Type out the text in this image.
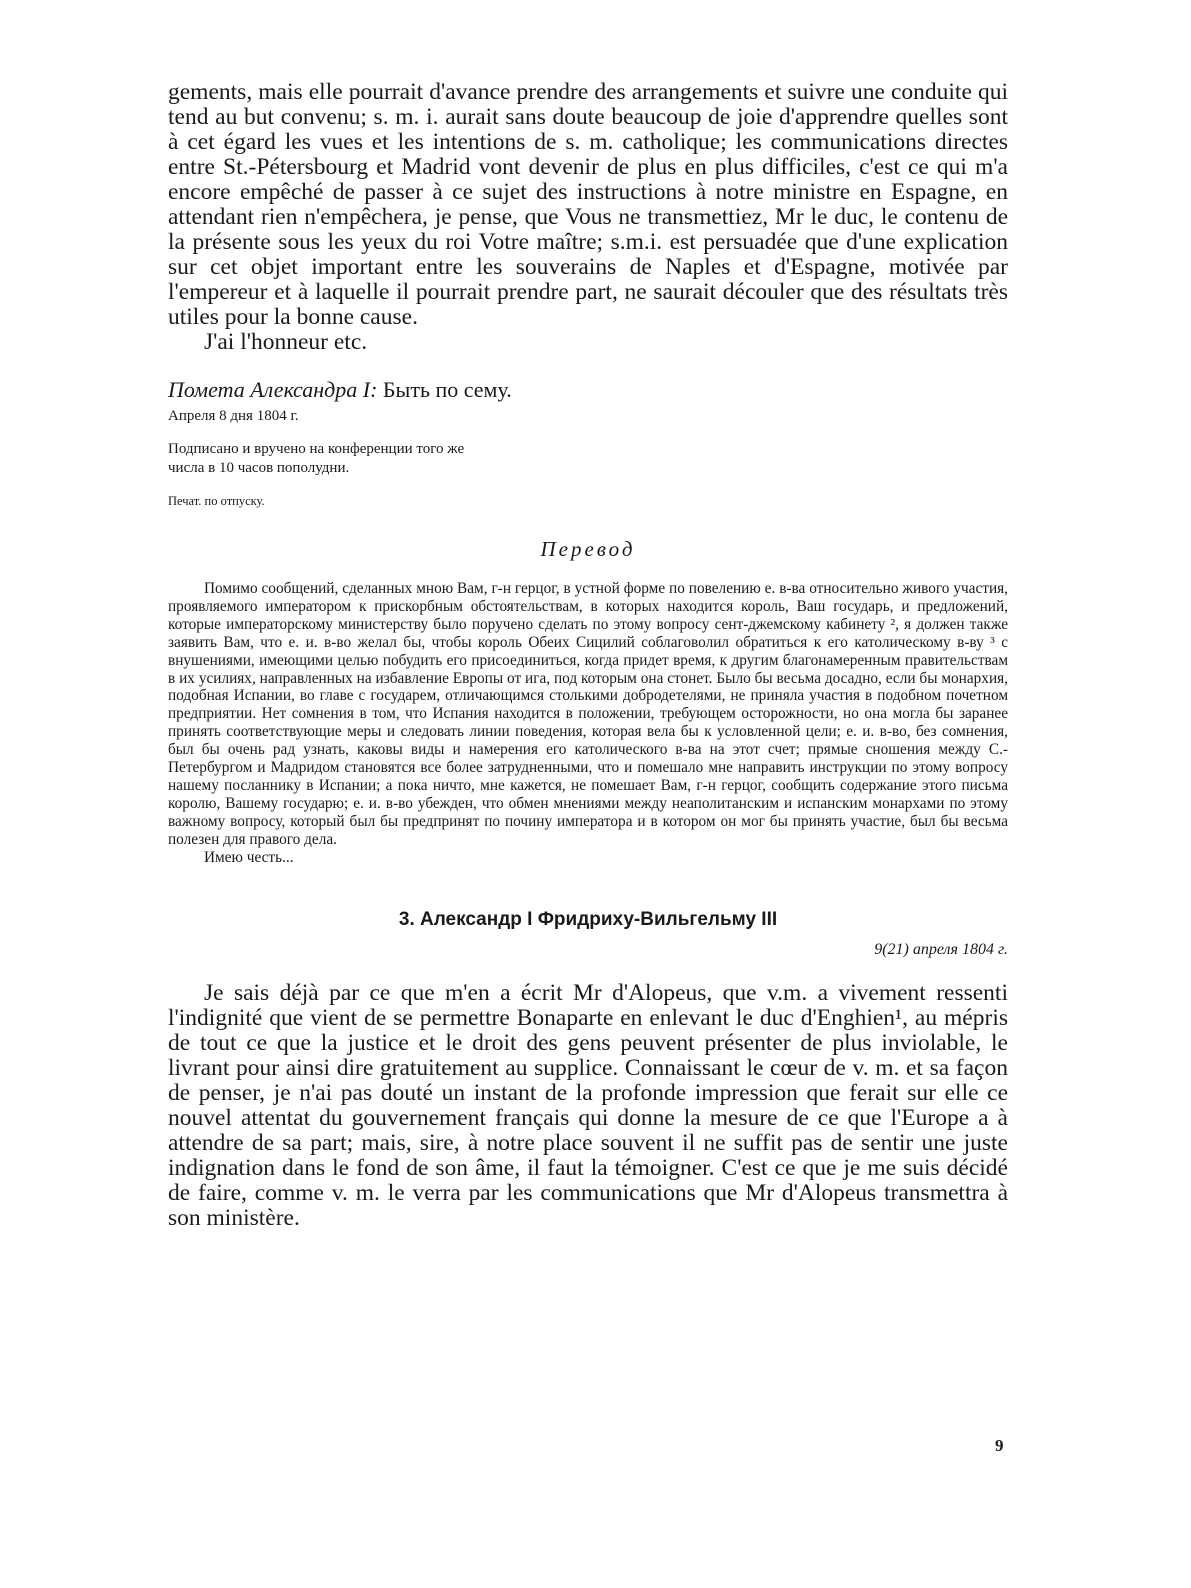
gements, mais elle pourrait d'avance prendre des arrangements et suivre une conduite qui tend au but convenu; s. m. i. aurait sans doute beaucoup de joie d'apprendre quelles sont à cet égard les vues et les intentions de s. m. catholique; les communications directes entre St.-Pétersbourg et Madrid vont devenir de plus en plus difficiles, c'est ce qui m'a encore empêché de passer à ce sujet des instructions à notre ministre en Espagne, en attendant rien n'empêchera, je pense, que Vous ne transmettiez, Mr le duc, le contenu de la présente sous les yeux du roi Votre maître; s.m.i. est persuadée que d'une explication sur cet objet important entre les souverains de Naples et d'Espagne, motivée par l'empereur et à laquelle il pourrait prendre part, ne saurait découler que des résultats très utiles pour la bonne cause.

J'ai l'honneur etc.

Помета Александра I: Быть по сему.

Апреля 8 дня 1804 г.

Подписано и вручено на конференции того же

числа в 10 часов пополудни.

Печат. по отпуску.

Перевод

Помимо сообщений, сделанных мною Вам, г-н герцог, в устной форме по повелению е. в-ва относительно живого участия, проявляемого императором к прискорбным обстоятельствам, в которых находится король, Ваш государь, и предложений, которые императорскому министерству было поручено сделать по этому вопросу сент-джемскому кабинету ², я должен также заявить Вам, что е. и. в-во желал бы, чтобы король Обеих Сицилий соблаговолил обратиться к его католическому в-ву ³ с внушениями, имеющими целью побудить его присоединиться, когда придет время, к другим благонамеренным правительствам в их усилиях, направленных на избавление Европы от ига, под которым она стонет. Было бы весьма досадно, если бы монархия, подобная Испании, во главе с государем, отличающимся столькими добродетелями, не приняла участия в подобном почетном предприятии. Нет сомнения в том, что Испания находится в положении, требующем осторожности, но она могла бы заранее принять соответствующие меры и следовать линии поведения, которая вела бы к условленной цели; е. и. в-во, без сомнения, был бы очень рад узнать, каковы виды и намерения его католического в-ва на этот счет; прямые сношения между С.-Петербургом и Мадридом становятся все более затрудненными, что и помешало мне направить инструкции по этому вопросу нашему посланнику в Испании; а пока ничто, мне кажется, не помешает Вам, г-н герцог, сообщить содержание этого письма королю, Вашему государю; е. и. в-во убежден, что обмен мнениями между неаполитанским и испанским монархами по этому важному вопросу, который был бы предпринят по почину императора и в котором он мог бы принять участие, был бы весьма полезен для правого дела.

Имею честь...

3. Александр I Фридриху-Вильгельму III
9(21) апреля 1804 г.

Je sais déjà par ce que m'en a écrit Mr d'Alopeus, que v.m. a vivement ressenti l'indignité que vient de se permettre Bonaparte en enlevant le duc d'Enghien¹, au mépris de tout ce que la justice et le droit des gens peuvent présenter de plus inviolable, le livrant pour ainsi dire gratuitement au supplice. Connaissant le cœur de v. m. et sa façon de penser, je n'ai pas douté un instant de la profonde impression que ferait sur elle ce nouvel attentat du gouvernement français qui donne la mesure de ce que l'Europe a à attendre de sa part; mais, sire, à notre place souvent il ne suffit pas de sentir une juste indignation dans le fond de son âme, il faut la témoigner. C'est ce que je me suis décidé de faire, comme v. m. le verra par les communications que Mr d'Alopeus transmettra à son ministère.

9
